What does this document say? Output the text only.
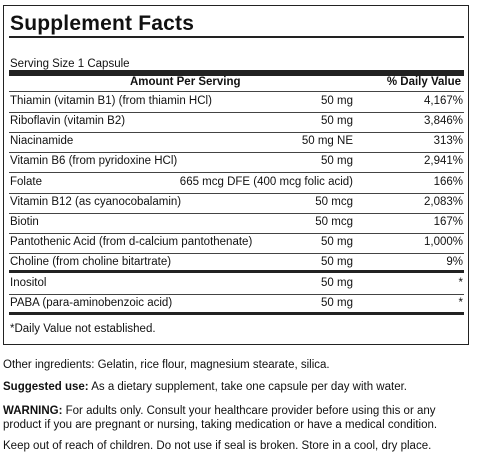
Supplement Facts
Serving Size 1 Capsule
Amount Per Serving	% Daily Value
Thiamin (vitamin B1) (from thiamin HCl)	50 mg	4,167%
Riboflavin (vitamin B2)	50 mg	3,846%
Niacinamide	50 mg NE	313%
Vitamin B6 (from pyridoxine HCl)	50 mg	2,941%
Folate	665 mcg DFE (400 mcg folic acid)	166%
Vitamin B12 (as cyanocobalamin)	50 mcg	2,083%
Biotin	50 mcg	167%
Pantothenic Acid (from d-calcium pantothenate)	50 mg	1,000%
Choline (from choline bitartrate)	50 mg	9%
Inositol	50 mg	*
PABA (para-aminobenzoic acid)	50 mg	*
*Daily Value not established.
Other ingredients: Gelatin, rice flour, magnesium stearate, silica.
Suggested use: As a dietary supplement, take one capsule per day with water.
WARNING: For adults only. Consult your healthcare provider before using this or any product if you are pregnant or nursing, taking medication or have a medical condition.
Keep out of reach of children. Do not use if seal is broken. Store in a cool, dry place.
